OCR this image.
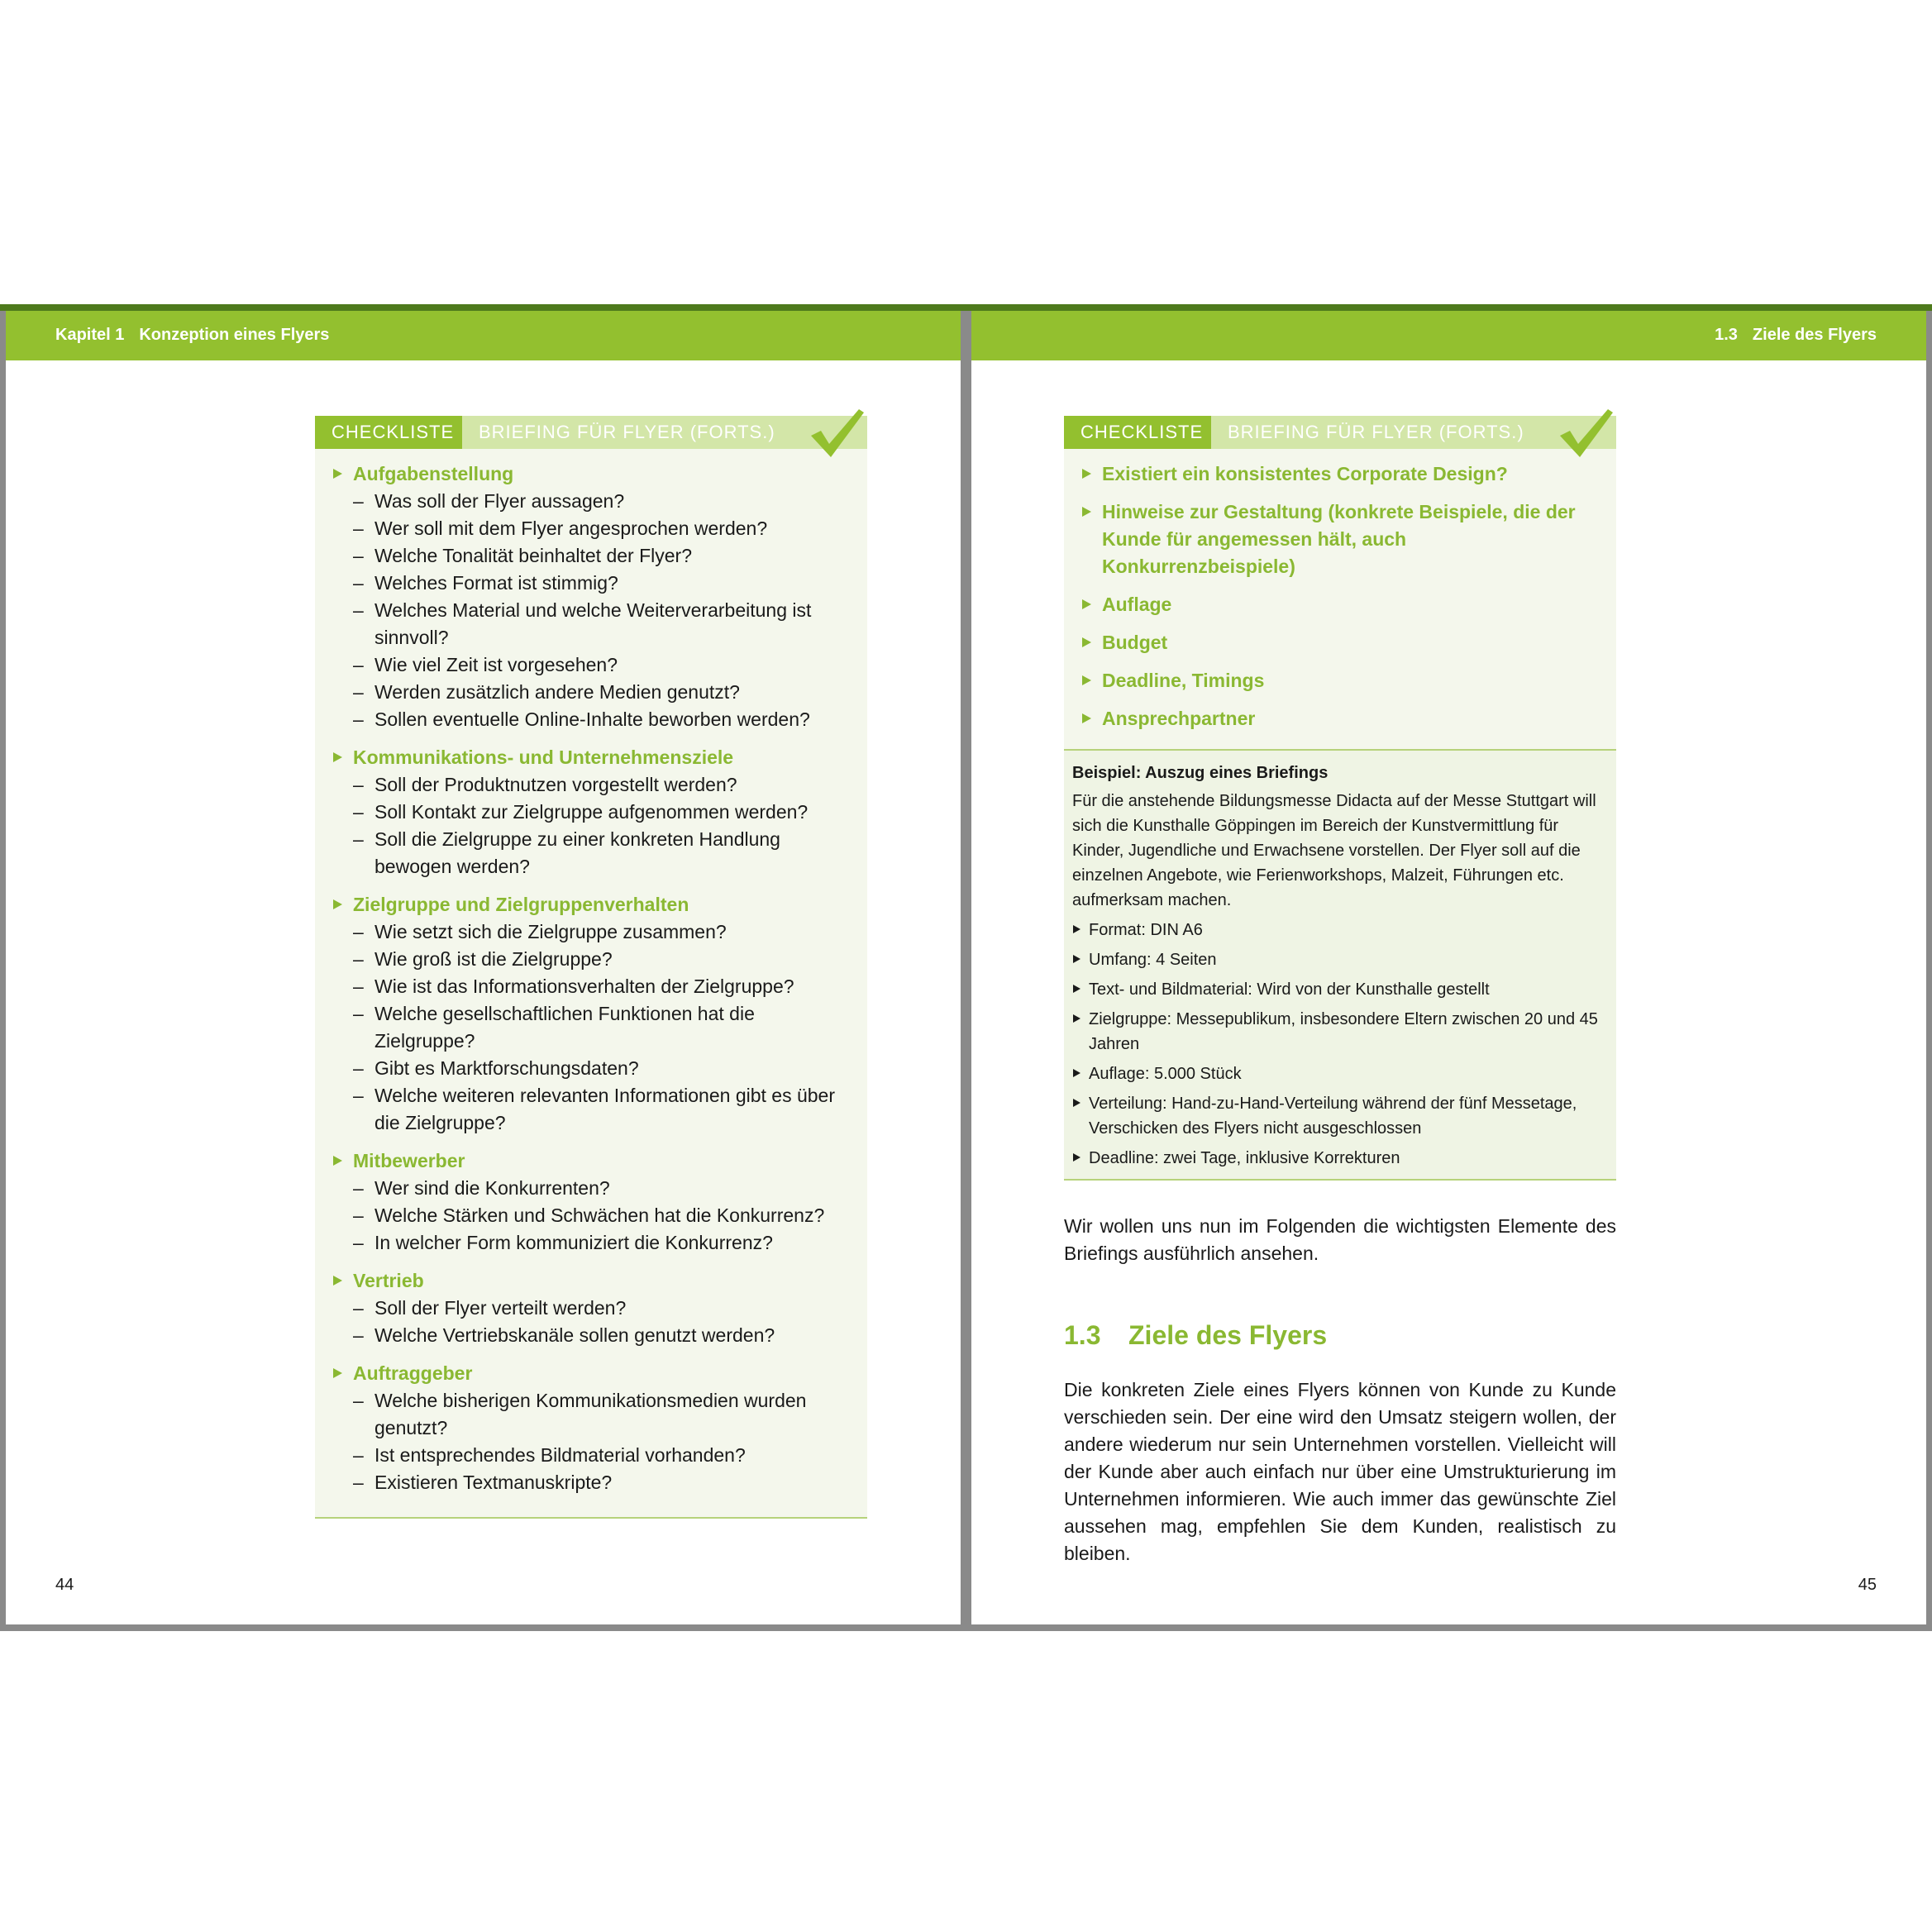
Kapitel 1 Konzeption eines Flyers
CHECKLISTE	BRIEFING FÜR FLYER (FORTS.)
Aufgabenstellung
– Was soll der Flyer aussagen?
– Wer soll mit dem Flyer angesprochen werden?
– Welche Tonalität beinhaltet der Flyer?
– Welches Format ist stimmig?
– Welches Material und welche Weiterverarbeitung ist sinnvoll?
– Wie viel Zeit ist vorgesehen?
– Werden zusätzlich andere Medien genutzt?
– Sollen eventuelle Online-Inhalte beworben werden?
Kommunikations- und Unternehmensziele
– Soll der Produktnutzen vorgestellt werden?
– Soll Kontakt zur Zielgruppe aufgenommen werden?
– Soll die Zielgruppe zu einer konkreten Handlung bewogen werden?
Zielgruppe und Zielgruppenverhalten
– Wie setzt sich die Zielgruppe zusammen?
– Wie groß ist die Zielgruppe?
– Wie ist das Informationsverhalten der Zielgruppe?
– Welche gesellschaftlichen Funktionen hat die Zielgruppe?
– Gibt es Marktforschungsdaten?
– Welche weiteren relevanten Informationen gibt es über die Zielgruppe?
Mitbewerber
– Wer sind die Konkurrenten?
– Welche Stärken und Schwächen hat die Konkurrenz?
– In welcher Form kommuniziert die Konkurrenz?
Vertrieb
– Soll der Flyer verteilt werden?
– Welche Vertriebskanäle sollen genutzt werden?
Auftraggeber
– Welche bisherigen Kommunikationsmedien wurden genutzt?
– Ist entsprechendes Bildmaterial vorhanden?
– Existieren Textmanuskripte?
44
1.3 Ziele des Flyers
CHECKLISTE	BRIEFING FÜR FLYER (FORTS.)
Existiert ein konsistentes Corporate Design?
Hinweise zur Gestaltung (konkrete Beispiele, die der Kunde für angemessen hält, auch Konkurrenzbeispiele)
Auflage
Budget
Deadline, Timings
Ansprechpartner
Beispiel: Auszug eines Briefings

Für die anstehende Bildungsmesse Didacta auf der Messe Stuttgart will sich die Kunsthalle Göppingen im Bereich der Kunstvermittlung für Kinder, Jugendliche und Erwachsene vorstellen. Der Flyer soll auf die einzelnen Angebote, wie Ferienworkshops, Malzeit, Führungen etc. aufmerksam machen.

Format: DIN A6
Umfang: 4 Seiten
Text- und Bildmaterial: Wird von der Kunsthalle gestellt
Zielgruppe: Messepublikum, insbesondere Eltern zwischen 20 und 45 Jahren
Auflage: 5.000 Stück
Verteilung: Hand-zu-Hand-Verteilung während der fünf Messetage, Verschicken des Flyers nicht ausgeschlossen
Deadline: zwei Tage, inklusive Korrekturen
Wir wollen uns nun im Folgenden die wichtigsten Elemente des Briefings ausführlich ansehen.
1.3 Ziele des Flyers
Die konkreten Ziele eines Flyers können von Kunde zu Kunde verschieden sein. Der eine wird den Umsatz steigern wollen, der andere wiederum nur sein Unternehmen vorstellen. Vielleicht will der Kunde aber auch einfach nur über eine Umstrukturierung im Unternehmen informieren. Wie auch immer das gewünschte Ziel aussehen mag, empfehlen Sie dem Kunden, realistisch zu bleiben.
45
